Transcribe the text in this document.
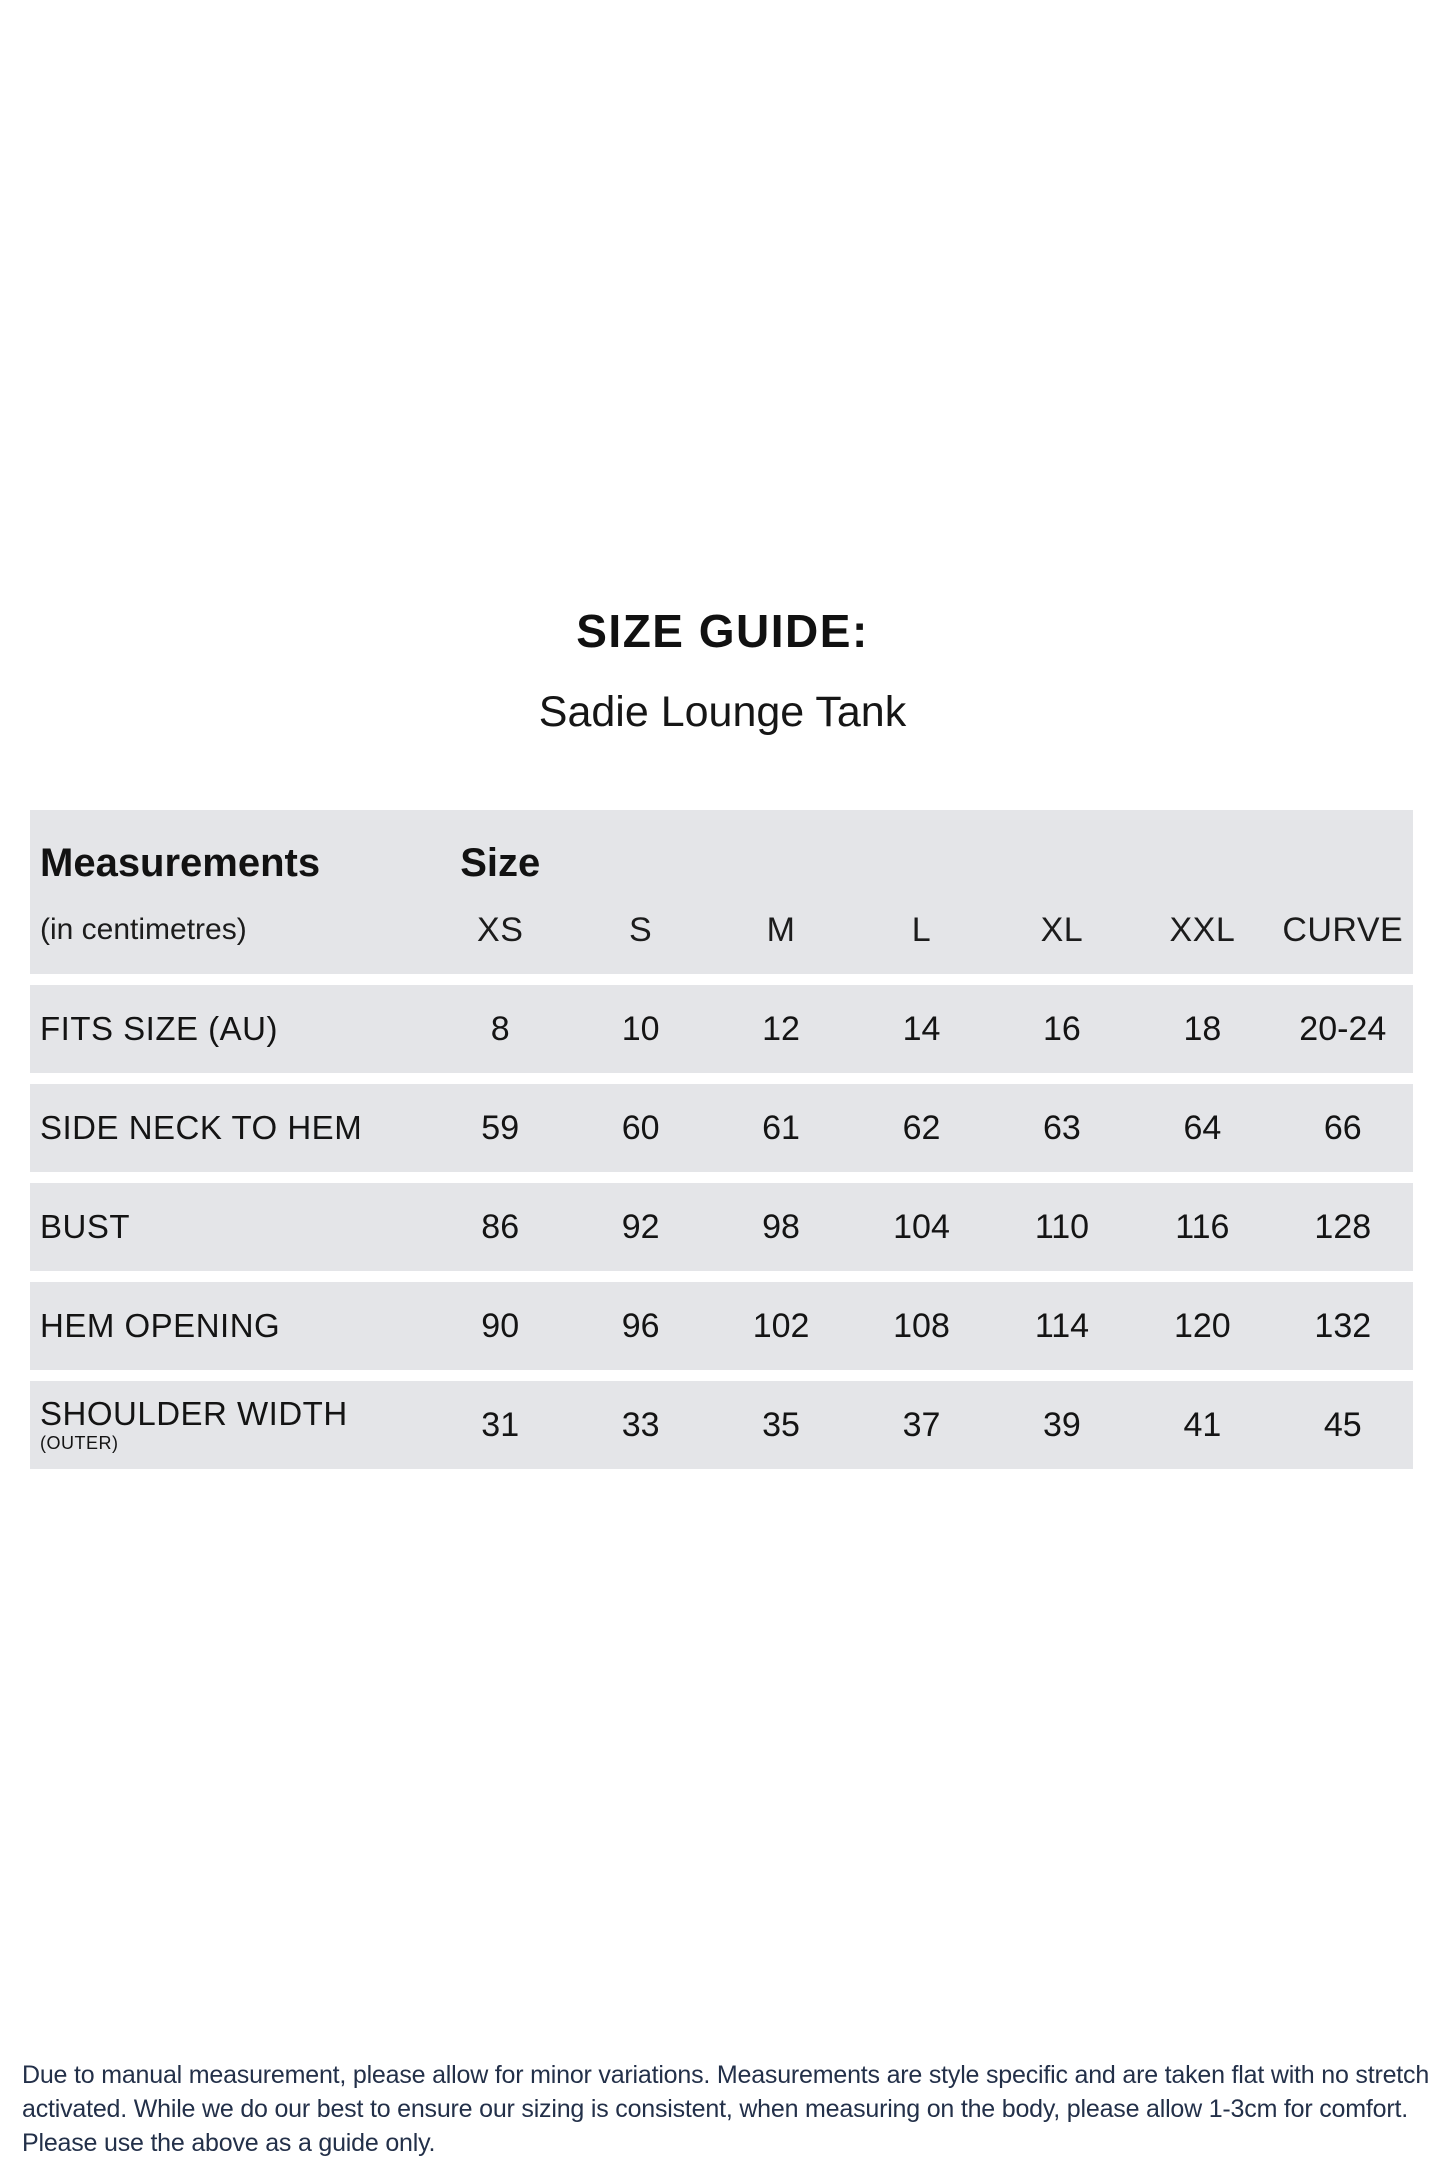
SIZE GUIDE:
Sadie Lounge Tank
Measurements	Size
(in centimetres)	XS	S	M	L	XL	XXL	CURVE
FITS SIZE (AU)	8	10	12	14	16	18	20-24
SIDE NECK TO HEM	59	60	61	62	63	64	66
BUST	86	92	98	104	110	116	128
HEM OPENING	90	96	102	108	114	120	132
SHOULDER WIDTH
(OUTER)	31	33	35	37	39	41	45
Due to manual measurement, please allow for minor variations. Measurements are style specific and are taken flat with no stretch activated. While we do our best to ensure our sizing is consistent, when measuring on the body, please allow 1-3cm for comfort. Please use the above as a guide only.
